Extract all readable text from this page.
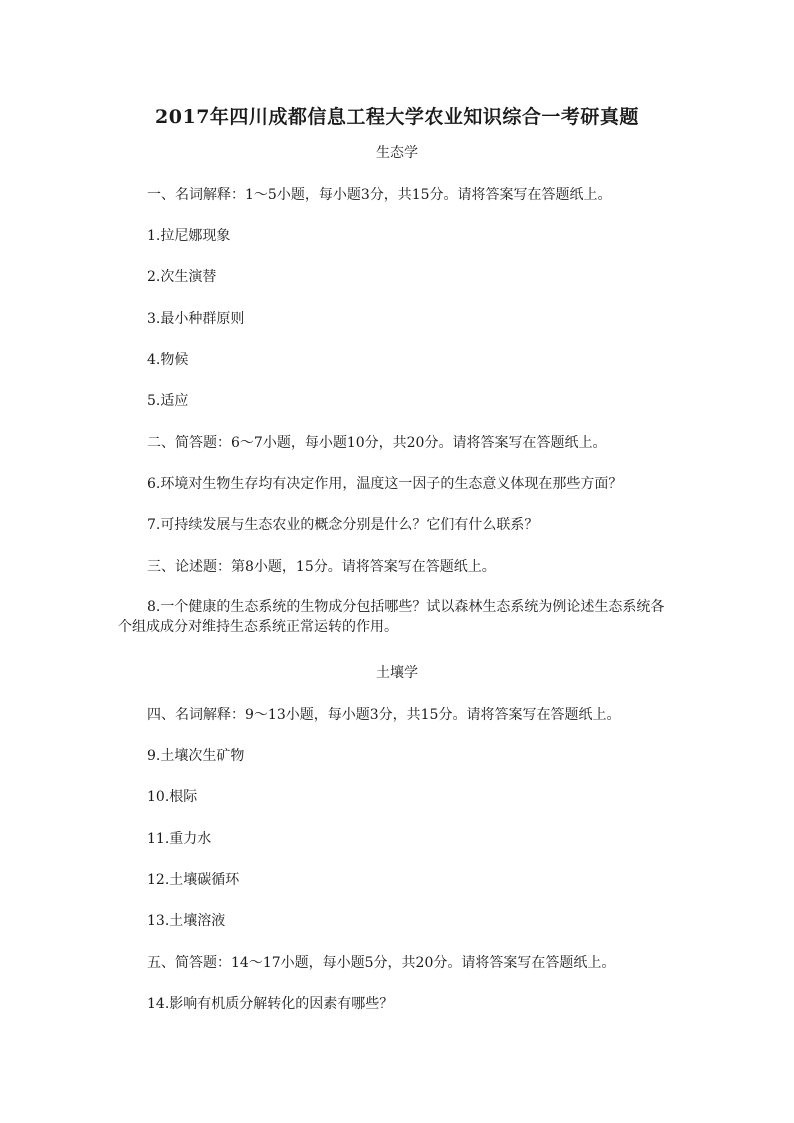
2017年四川成都信息工程大学农业知识综合一考研真题
生态学
一、名词解释：1～5小题，每小题3分，共15分。请将答案写在答题纸上。
1.拉尼娜现象
2.次生演替
3.最小种群原则
4.物候
5.适应
二、简答题：6～7小题，每小题10分，共20分。请将答案写在答题纸上。
6.环境对生物生存均有决定作用，温度这一因子的生态意义体现在那些方面？
7.可持续发展与生态农业的概念分别是什么？它们有什么联系？
三、论述题：第8小题，15分。请将答案写在答题纸上。
8.一个健康的生态系统的生物成分包括哪些？试以森林生态系统为例论述生态系统各个组成成分对维持生态系统正常运转的作用。
土壤学
四、名词解释：9～13小题，每小题3分，共15分。请将答案写在答题纸上。
9.土壤次生矿物
10.根际
11.重力水
12.土壤碳循环
13.土壤溶液
五、简答题：14～17小题，每小题5分，共20分。请将答案写在答题纸上。
14.影响有机质分解转化的因素有哪些？
